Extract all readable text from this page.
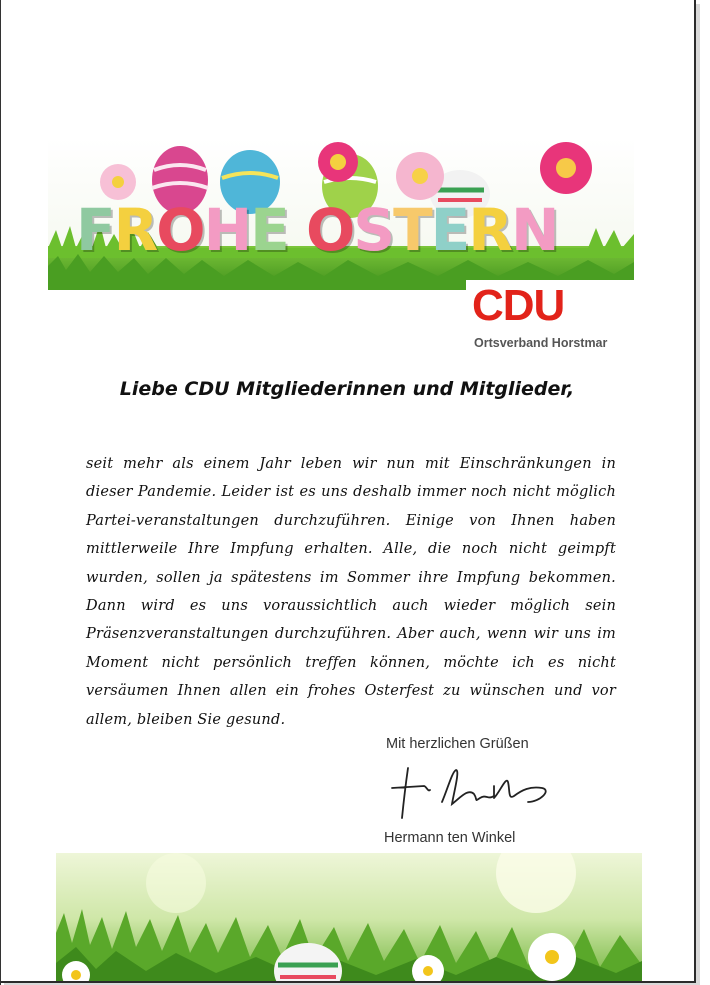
FROHE OSTERN
CDU
Ortsverband Horstmar
Liebe CDU Mitgliederinnen und Mitglieder,
seit mehr als einem Jahr leben wir nun mit Einschränkungen in dieser Pandemie. Leider ist es uns deshalb immer noch nicht möglich Partei-veranstaltungen durchzuführen. Einige von Ihnen haben mittlerweile Ihre Impfung erhalten. Alle, die noch nicht geimpft wurden, sollen ja spätestens im Sommer ihre Impfung bekommen. Dann wird es uns voraussichtlich auch wieder möglich sein Präsenzveranstaltungen durchzuführen. Aber auch, wenn wir uns im Moment nicht persönlich treffen können, möchte ich es nicht versäumen Ihnen allen ein frohes Osterfest zu wünschen und vor allem, bleiben Sie gesund.
Mit herzlichen Grüßen
Hermann ten Winkel
